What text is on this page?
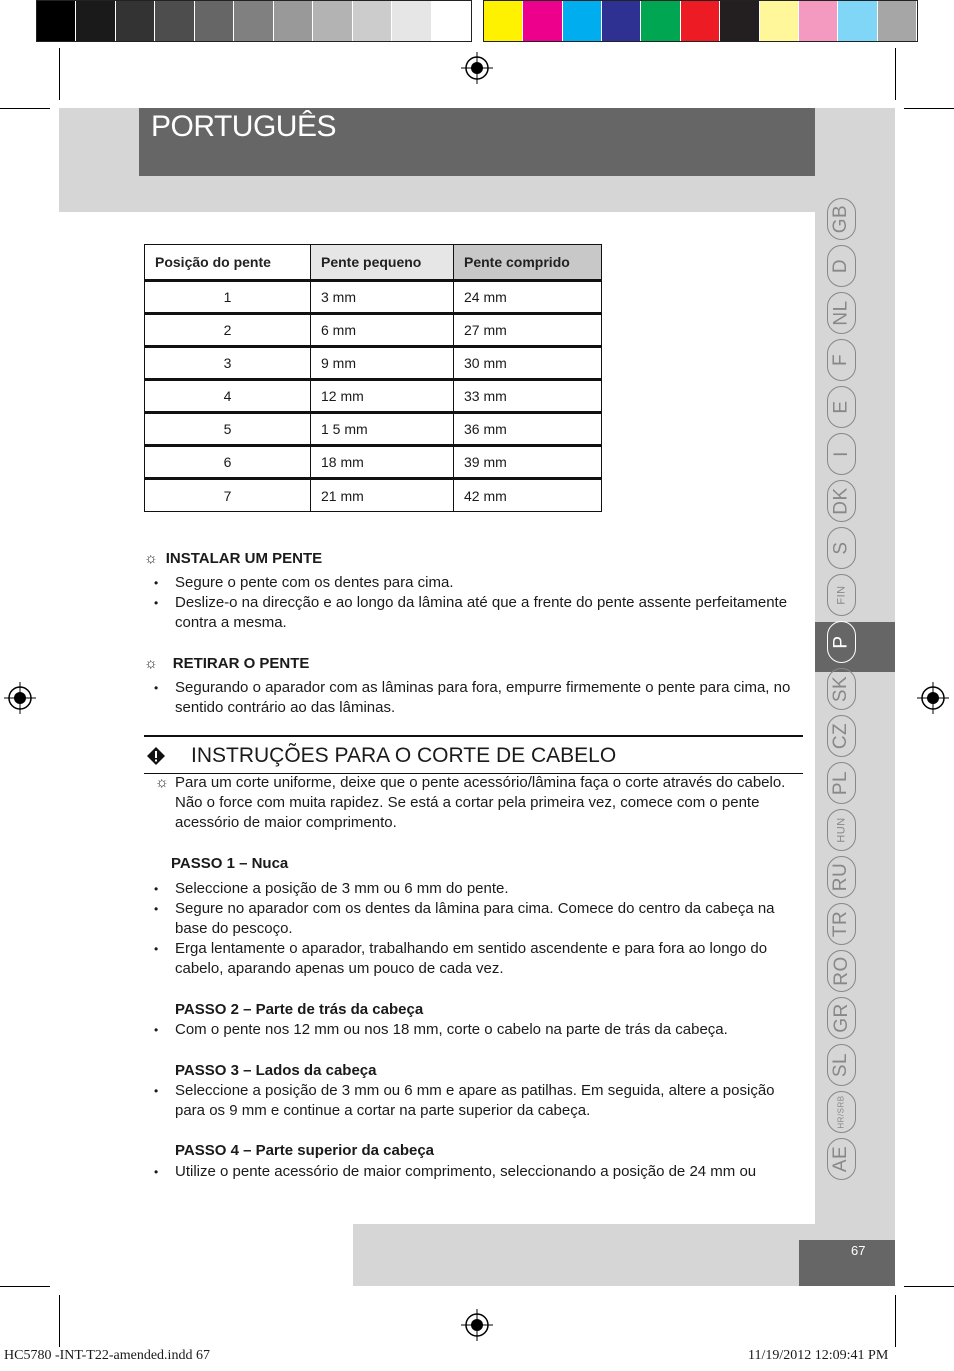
PORTUGUÊS
67
Posição do pente	Pente pequeno	Pente comprido
1	3 mm	24 mm
2	6 mm	27 mm
3	9 mm	30 mm
4	12 mm	33 mm
5	1 5 mm	36 mm
6	18 mm	39 mm
7	21 mm	42 mm
☼ INSTALAR UM PENTE
• Segure o pente com os dentes para cima.
• Deslize-o na direcção e ao longo da lâmina até que a frente do pente assente perfeitamente contra a mesma.
☼ RETIRAR O PENTE
• Segurando o aparador com as lâminas para fora, empurre firmemente o pente para cima, no sentido contrário ao das lâminas.
INSTRUÇÕES PARA O CORTE DE CABELO
☼ Para um corte uniforme, deixe que o pente acessório/lâmina faça o corte através do cabelo. Não o force com muita rapidez. Se está a cortar pela primeira vez, comece com o pente acessório de maior comprimento.
PASSO 1 – Nuca
• Seleccione a posição de 3 mm ou 6 mm do pente.
• Segure no aparador com os dentes da lâmina para cima. Comece do centro da cabeça na base do pescoço.
• Erga lentamente o aparador, trabalhando em sentido ascendente e para fora ao longo do cabelo, aparando apenas um pouco de cada vez.
PASSO 2 – Parte de trás da cabeça
• Com o pente nos 12 mm ou nos 18 mm, corte o cabelo na parte de trás da cabeça.
PASSO 3 – Lados da cabeça
• Seleccione a posição de 3 mm ou 6 mm e apare as patilhas. Em seguida, altere a posição para os 9 mm e continue a cortar na parte superior da cabeça.
PASSO 4 – Parte superior da cabeça
• Utilize o pente acessório de maior comprimento, seleccionando a posição de 24 mm ou
HC5780 -INT-T22-amended.indd 67	11/19/2012 12:09:41 PM
GB
D
NL
F
E
I
DK
S
FIN
P
SK
CZ
PL
HUN
RU
TR
RO
GR
SL
HR/SRB
AE
